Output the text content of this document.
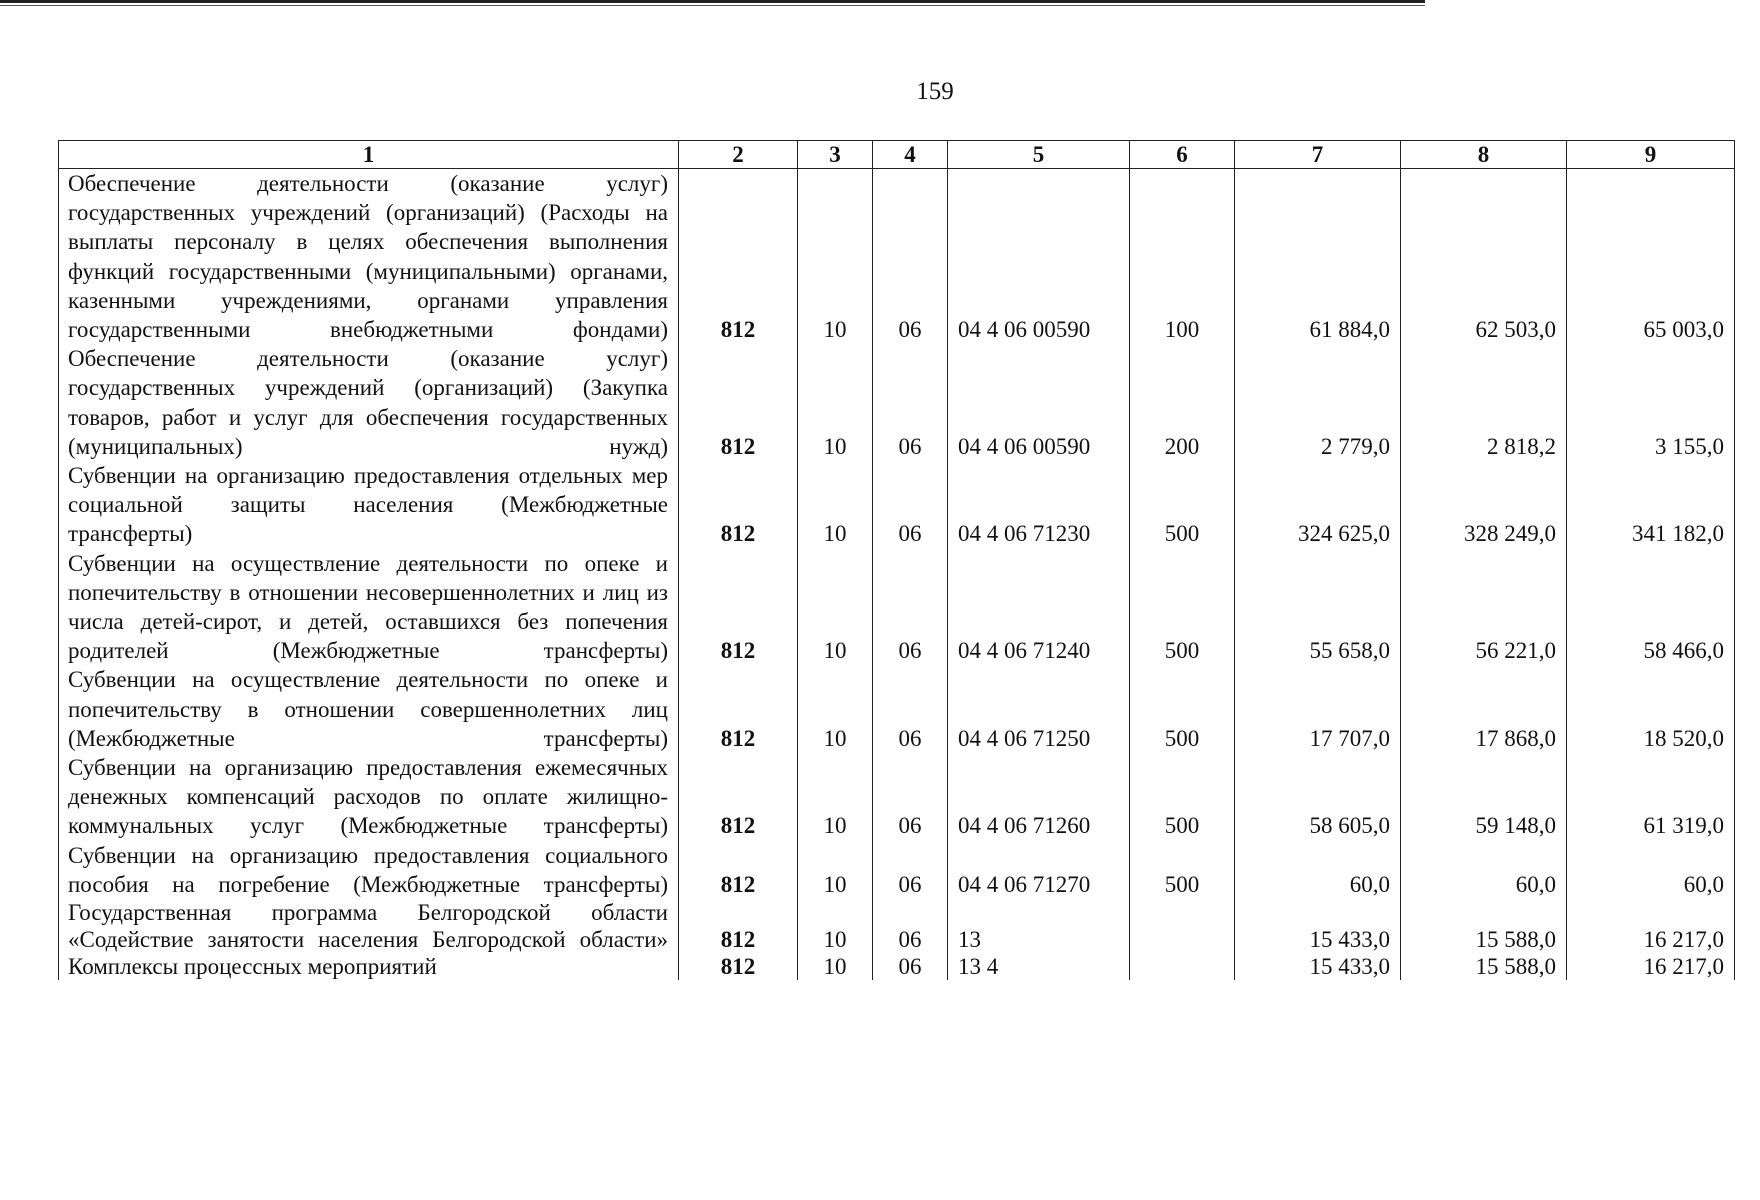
159
1	2	3	4	5	6	7	8	9
Обеспечение деятельности (оказание услуг) государственных учреждений (организаций) (Расходы на выплаты персоналу в целях обеспечения выполнения функций государственными (муниципальными) органами, казенными учреждениями, органами управления государственными внебюджетными фондами)	812	10	06	04 4 06 00590	100	61 884,0	62 503,0	65 003,0
Обеспечение деятельности (оказание услуг) государственных учреждений (организаций) (Закупка товаров, работ и услуг для обеспечения государственных (муниципальных) нужд)	812	10	06	04 4 06 00590	200	2 779,0	2 818,2	3 155,0
Субвенции на организацию предоставления отдельных мер социальной защиты населения (Межбюджетные трансферты)	812	10	06	04 4 06 71230	500	324 625,0	328 249,0	341 182,0
Субвенции на осуществление деятельности по опеке и попечительству в отношении несовершеннолетних и лиц из числа детей-сирот, и детей, оставшихся без попечения родителей (Межбюджетные трансферты)	812	10	06	04 4 06 71240	500	55 658,0	56 221,0	58 466,0
Субвенции на осуществление деятельности по опеке и попечительству в отношении совершеннолетних лиц (Межбюджетные трансферты)	812	10	06	04 4 06 71250	500	17 707,0	17 868,0	18 520,0
Субвенции на организацию предоставления ежемесячных денежных компенсаций расходов по оплате жилищно-коммунальных услуг (Межбюджетные трансферты)	812	10	06	04 4 06 71260	500	58 605,0	59 148,0	61 319,0
Субвенции на организацию предоставления социального пособия на погребение (Межбюджетные трансферты)	812	10	06	04 4 06 71270	500	60,0	60,0	60,0
Государственная программа Белгородской области «Содействие занятости населения Белгородской области»	812	10	06	13		15 433,0	15 588,0	16 217,0
Комплексы процессных мероприятий	812	10	06	13 4		15 433,0	15 588,0	16 217,0
